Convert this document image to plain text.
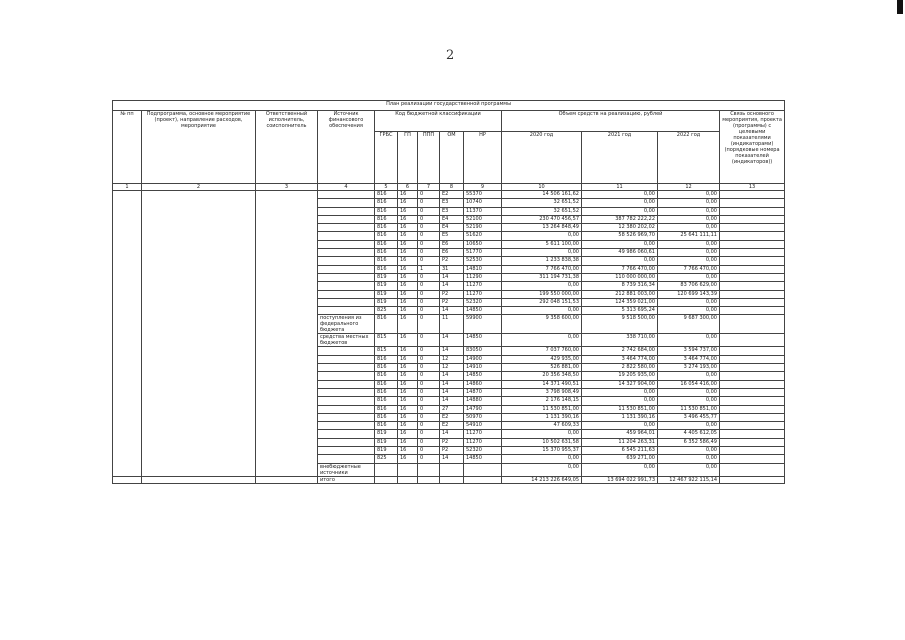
2
План реализации государственной программы												
№ пп	Подпрограмма, основное мероприятие (проект), направление расходов, мероприятие	Ответственный исполнитель, соисполнитель	Источник финансового обеспечения	Код бюджетной классификации					Объем средств на реализацию, рублей			Связь основного мероприятия, проекта (программы) с целевыми показателями (индикаторами) (порядковые номера показателей (индикаторов))
				ГРБС	ГП	ППП	ОМ	НР	2020 год	2021 год	2022 год	
1	2	3	4	5	6	7	8	9	10	11	12	13
				816	16	0	E2	55370	14 506 161,62	0,00	0,00	
				816	16	0	E3	10740	32 651,52	0,00	0,00	
				816	16	0	E3	11370	32 651,52	0,00	0,00	
				816	16	0	E4	52100	230 470 456,57	387 782 222,22	0,00	
				816	16	0	E4	52190	13 264 848,49	12 380 202,02	0,00	
				816	16	0	E5	51620	0,00	58 526 969,70	25 641 111,11	
				816	16	0	E6	10650	5 611 100,00	0,00	0,00	
				816	16	0	E6	51770	0,00	49 986 060,61	0,00	
				816	16	0	P2	52530	1 233 838,38	0,00	0,00	
				816	16	1	31	14810	7 766 470,00	7 766 470,00	7 766 470,00	
				819	16	0	14	11290	311 194 731,38	110 000 000,00	0,00	
				819	16	0	14	11270	0,00	8 739 316,34	83 706 629,00	
				819	16	0	P2	11270	199 550 000,00	212 881 003,00	120 699 143,39	
				819	16	0	P2	52320	292 048 151,53	124 359 021,00	0,00	
				825	16	0	14	14850	0,00	5 313 695,24	0,00	
			поступления из федерального бюджета	816	16	0	11	59900	9 358 600,00	9 518 500,00	9 687 300,00	
			средства местных бюджетов	815	16	0	14	14850	0,00	338 710,00	0,00	
				815	16	0	14	83050	7 037 760,00	2 742 684,00	3 594 737,00	
				816	16	0	12	14900	429 935,00	3 464 774,00	3 464 774,00	
				816	16	0	12	14910	526 881,00	2 822 580,00	3 274 193,00	
				816	16	0	14	14850	20 356 348,50	19 205 935,00	0,00	
				816	16	0	14	14860	14 371 490,51	14 327 904,00	16 054 416,00	
				816	16	0	14	14870	3 798 908,49	0,00	0,00	
				816	16	0	14	14880	2 176 148,15	0,00	0,00	
				816	16	0	27	14790	11 530 851,00	11 530 851,00	11 530 851,00	
				816	16	0	E2	50970	1 131 390,16	1 131 390,16	3 496 455,77	
				816	16	0	E2	54910	47 609,33	0,00	0,00	
				819	16	0	14	11270	0,00	459 964,01	4 405 612,05	
				819	16	0	P2	11270	10 502 631,58	11 204 263,31	6 352 586,49	
				819	16	0	P2	52320	15 370 955,37	6 545 211,63	0,00	
				825	16	0	14	14850	0,00	639 271,00	0,00	
			внебюджетные источники						0,00	0,00	0,00	
			итого						14 213 226 649,05	13 694 022 991,73	12 467 922 115,14	
